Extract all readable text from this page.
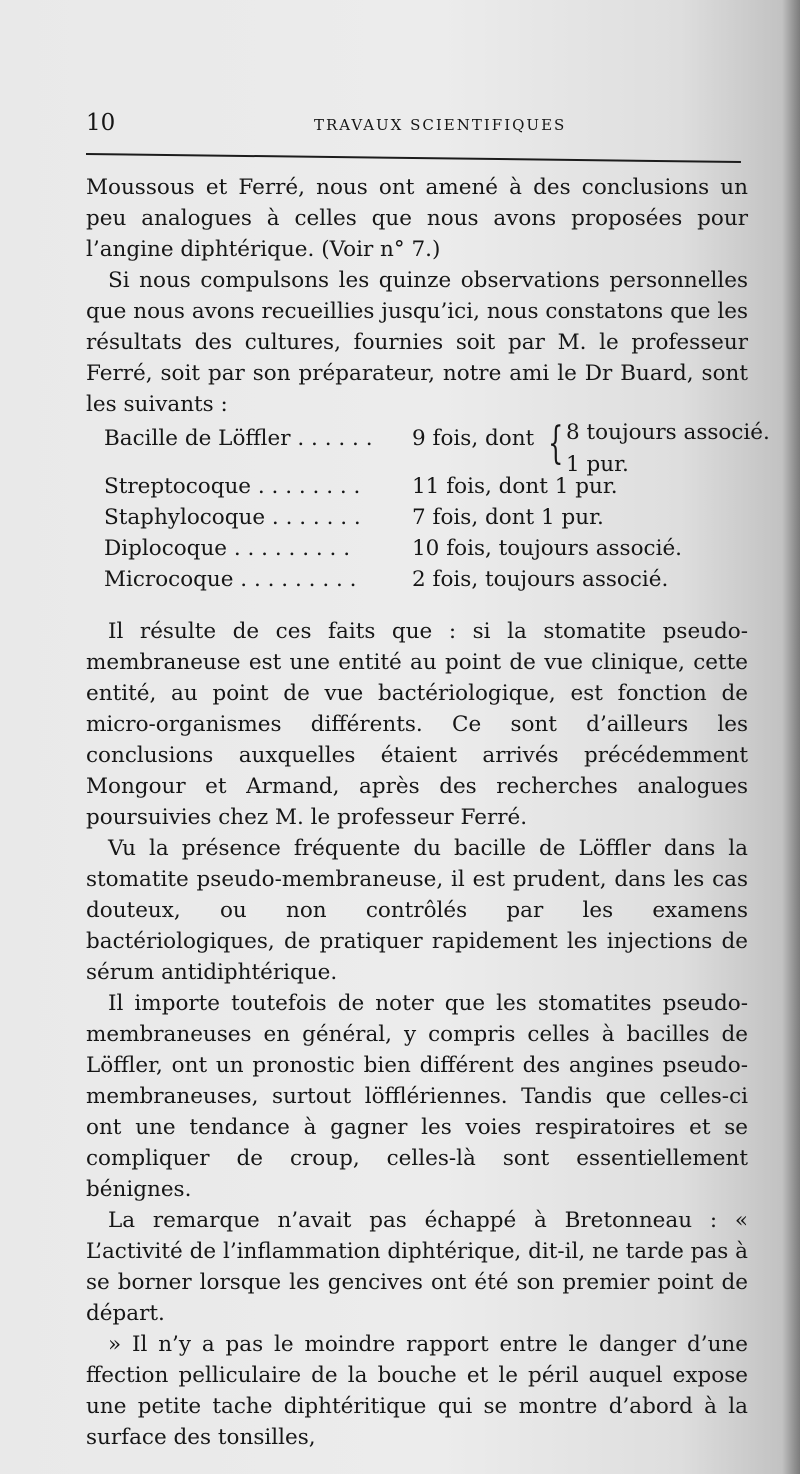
10	TRAVAUX SCIENTIFIQUES

Moussous et Ferré, nous ont amené à des conclusions un peu analogues à celles que nous avons proposées pour l’angine diphtérique. (Voir n° 7.)

Si nous compulsons les quinze observations personnelles que nous avons recueillies jusqu’ici, nous constatons que les résultats des cultures, fournies soit par M. le professeur Ferré, soit par son préparateur, notre ami le Dr Buard, sont les suivants :

Bacille de Löffler . . . . . . 9 fois, dont { 8 toujours associé.
1 pur.
Streptocoque . . . . . . . . 11 fois, dont 1 pur.
Staphylocoque . . . . . . . 7 fois, dont 1 pur.
Diplocoque . . . . . . . . .	10 fois, toujours associé.
Microcoque . . . . . . . . .	2 fois, toujours associé.

Il résulte de ces faits que : si la stomatite pseudo-membraneuse est une entité au point de vue clinique, cette entité, au point de vue bactériologique, est fonction de micro-organismes différents. Ce sont d’ailleurs les conclusions auxquelles étaient arrivés précédemment Mongour et Armand, après des recherches analogues poursuivies chez M. le professeur Ferré.

Vu la présence fréquente du bacille de Löffler dans la stomatite pseudo-membraneuse, il est prudent, dans les cas douteux, ou non contrôlés par les examens bactériologiques, de pratiquer rapidement les injections de sérum antidiphtérique.

Il importe toutefois de noter que les stomatites pseudo-membraneuses en général, y compris celles à bacilles de Löffler, ont un pronostic bien différent des angines pseudo-membraneuses, surtout löfflériennes. Tandis que celles-ci ont une tendance à gagner les voies respiratoires et se compliquer de croup, celles-là sont essentiellement bénignes.

La remarque n’avait pas échappé à Bretonneau : « L’activité de l’inflammation diphtérique, dit-il, ne tarde pas à se borner lorsque les gencives ont été son premier point de départ.

» Il n’y a pas le moindre rapport entre le danger d’une ffection pelliculaire de la bouche et le péril auquel expose une petite tache diphtéritique qui se montre d’abord à la surface des tonsilles,
